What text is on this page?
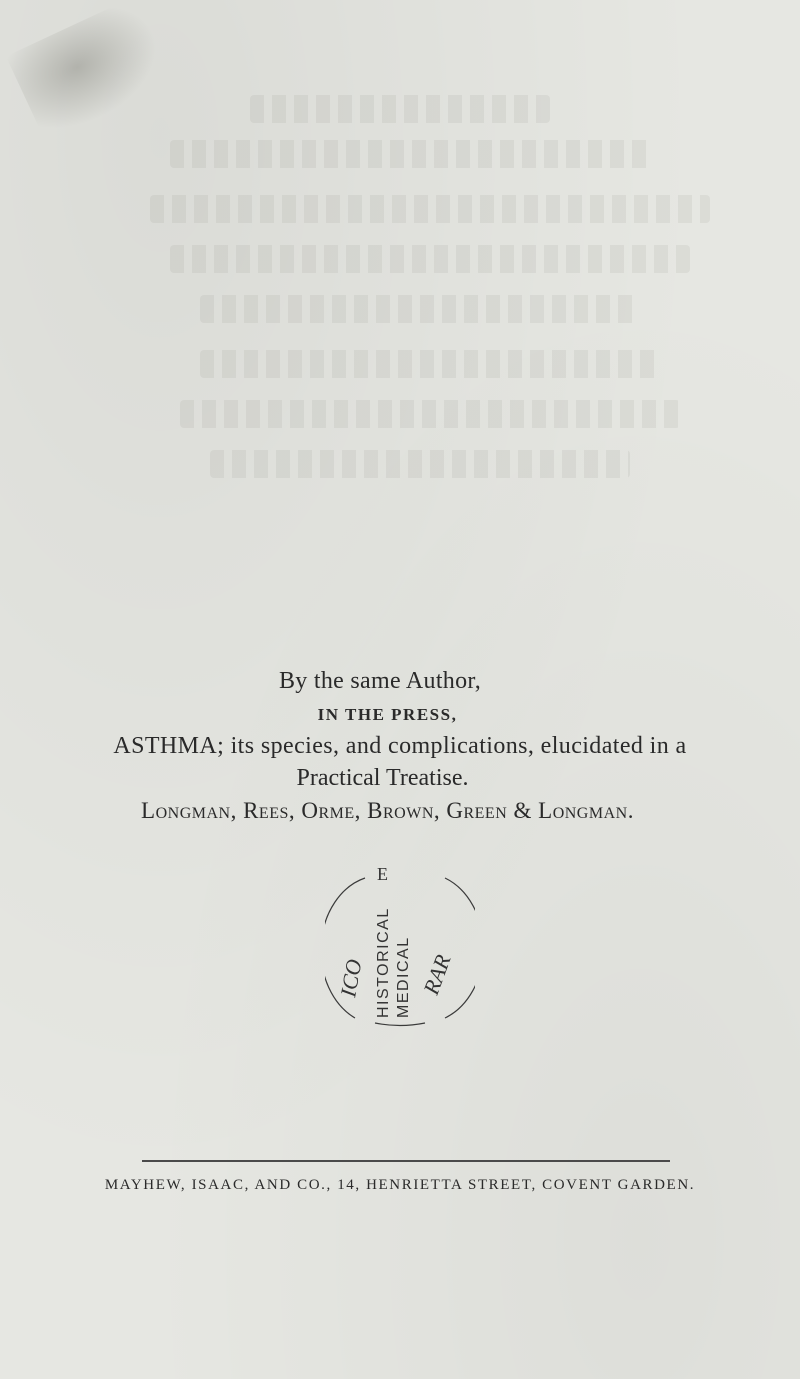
By the same Author,
IN THE PRESS,
ASTHMA; its species, and complications, elucidated in a
Practical Treatise.
Longman, Rees, Orme, Brown, Green & Longman.
HISTORICAL MEDICAL
ICO RAR
E
MAYHEW, ISAAC, AND CO., 14, HENRIETTA STREET, COVENT GARDEN.
